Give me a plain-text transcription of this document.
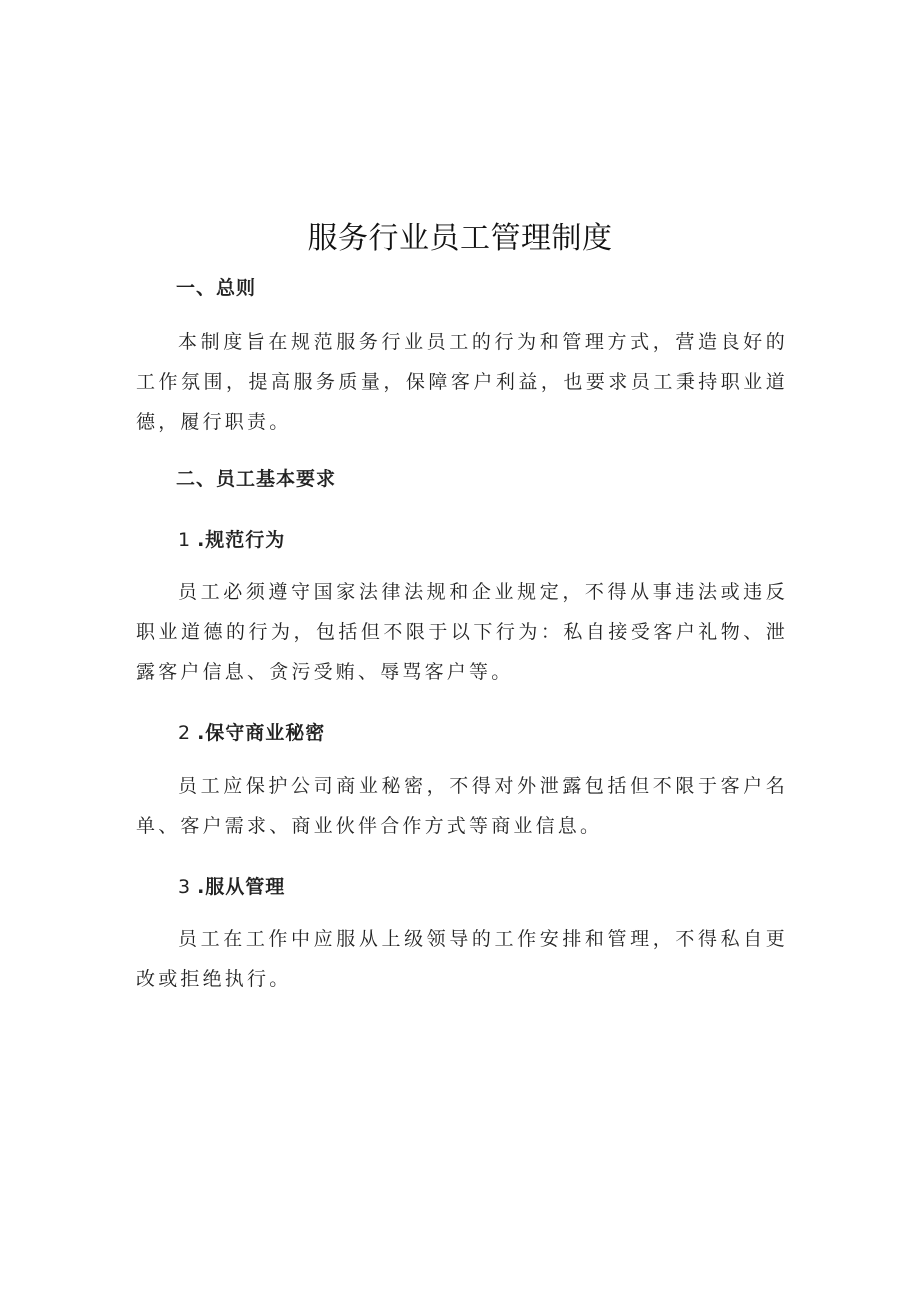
服务行业员工管理制度
一、总则
本制度旨在规范服务行业员工的行为和管理方式，营造良好的工作氛围，提高服务质量，保障客户利益，也要求员工秉持职业道德，履行职责。
二、员工基本要求
1 .规范行为
员工必须遵守国家法律法规和企业规定，不得从事违法或违反职业道德的行为，包括但不限于以下行为：私自接受客户礼物、泄露客户信息、贪污受贿、辱骂客户等。
2 .保守商业秘密
员工应保护公司商业秘密，不得对外泄露包括但不限于客户名单、客户需求、商业伙伴合作方式等商业信息。
3 .服从管理
员工在工作中应服从上级领导的工作安排和管理，不得私自更改或拒绝执行。
